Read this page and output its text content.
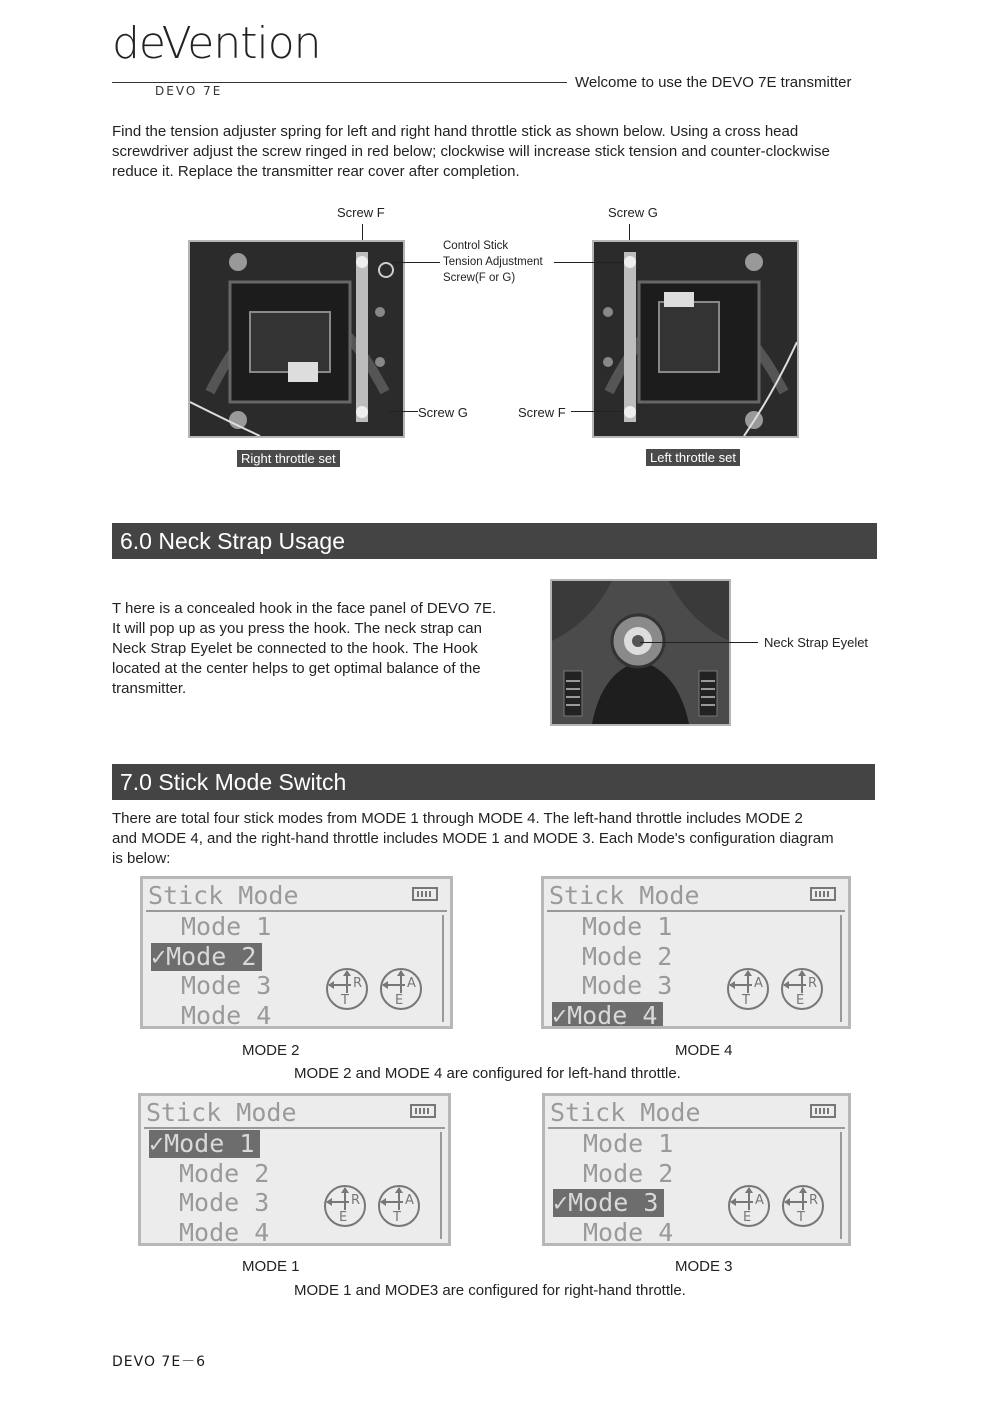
deVention
DEVO 7E	Welcome to use the DEVO 7E transmitter
Find the tension adjuster spring for left and right hand throttle stick as shown below. Using a cross head
screwdriver adjust the screw ringed in red below; clockwise will increase stick tension and counter-clockwise
reduce it. Replace the transmitter rear cover after completion.
Screw F	Screw G
Control Stick
Tension Adjustment
Screw(F or G)
Screw G	Screw F
Right throttle set	Left throttle set
6.0 Neck Strap Usage
T here is a concealed hook in the face panel of DEVO 7E.
It will pop up as you press the hook. The neck strap can
Neck Strap Eyelet be connected to the hook. The Hook
located at the center helps to get optimal balance of the
transmitter.
Neck Strap Eyelet
7.0 Stick Mode Switch
There are total four stick modes from MODE 1 through MODE 4. The left-hand throttle includes MODE 2
and MODE 4, and the right-hand throttle includes MODE 1 and MODE 3. Each Mode's configuration diagram
is below:
Stick Mode
Mode 1
✓Mode 2
Mode 3
Mode 4
R
T
A
E
Stick Mode
Mode 1
Mode 2
Mode 3
✓Mode 4
A
T
R
E
Stick Mode
✓Mode 1
Mode 2
Mode 3
Mode 4
R
E
A
T
Stick Mode
Mode 1
Mode 2
✓Mode 3
Mode 4
A
E
R
T
MODE 2	MODE 4
MODE 2 and MODE 4 are configured for left-hand throttle.
MODE 1	MODE 3
MODE 1 and MODE3 are configured for right-hand throttle.
DEVO 7E－6
